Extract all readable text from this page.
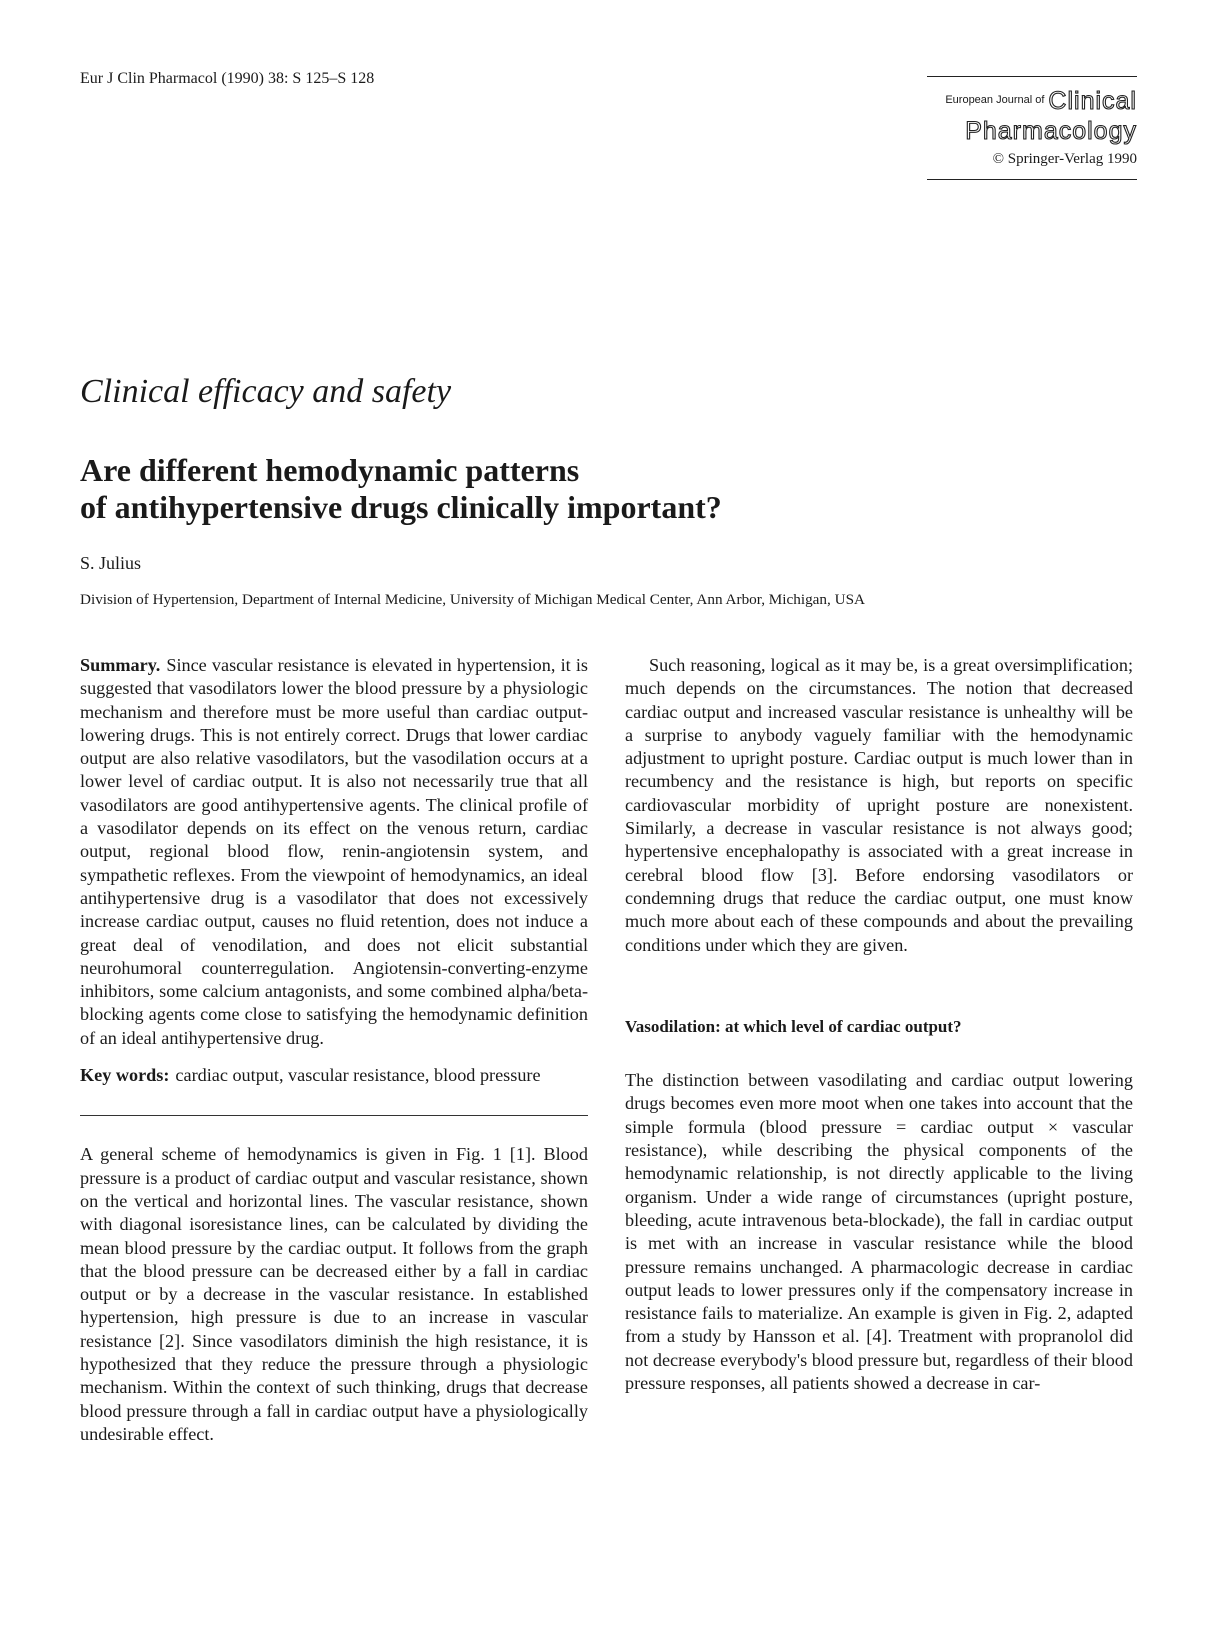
Eur J Clin Pharmacol (1990) 38: S 125–S 128
$^{European Journal of}$ Clinical
Pharmacology
© Springer-Verlag 1990
Clinical efficacy and safety
Are different hemodynamic patterns
of antihypertensive drugs clinically important?
S. Julius
Division of Hypertension, Department of Internal Medicine, University of Michigan Medical Center, Ann Arbor, Michigan, USA

Summary. Since vascular resistance is elevated in hypertension, it is suggested that vasodilators lower the blood pressure by a physiologic mechanism and therefore must be more useful than cardiac output-lowering drugs. This is not entirely correct. Drugs that lower cardiac output are also relative vasodilators, but the vasodilation occurs at a lower level of cardiac output. It is also not necessarily true that all vasodilators are good antihypertensive agents. The clinical profile of a vasodilator depends on its effect on the venous return, cardiac output, regional blood flow, renin-angiotensin system, and sympathetic reflexes. From the viewpoint of hemodynamics, an ideal antihypertensive drug is a vasodilator that does not excessively increase cardiac output, causes no fluid retention, does not induce a great deal of venodilation, and does not elicit substantial neurohumoral counterregulation. Angiotensin-converting-enzyme inhibitors, some calcium antagonists, and some combined alpha/beta-blocking agents come close to satisfying the hemodynamic definition of an ideal antihypertensive drug.

Key words: cardiac output, vascular resistance, blood pressure

A general scheme of hemodynamics is given in Fig. 1 [1]. Blood pressure is a product of cardiac output and vascular resistance, shown on the vertical and horizontal lines. The vascular resistance, shown with diagonal isoresistance lines, can be calculated by dividing the mean blood pressure by the cardiac output. It follows from the graph that the blood pressure can be decreased either by a fall in cardiac output or by a decrease in the vascular resistance. In established hypertension, high pressure is due to an increase in vascular resistance [2]. Since vasodilators diminish the high resistance, it is hypothesized that they reduce the pressure through a physiologic mechanism. Within the context of such thinking, drugs that decrease blood pressure through a fall in cardiac output have a physiologically undesirable effect.

Such reasoning, logical as it may be, is a great oversimplification; much depends on the circumstances. The notion that decreased cardiac output and increased vascular resistance is unhealthy will be a surprise to anybody vaguely familiar with the hemodynamic adjustment to upright posture. Cardiac output is much lower than in recumbency and the resistance is high, but reports on specific cardiovascular morbidity of upright posture are nonexistent. Similarly, a decrease in vascular resistance is not always good; hypertensive encephalopathy is associated with a great increase in cerebral blood flow [3]. Before endorsing vasodilators or condemning drugs that reduce the cardiac output, one must know much more about each of these compounds and about the prevailing conditions under which they are given.

Vasodilation: at which level of cardiac output?

The distinction between vasodilating and cardiac output lowering drugs becomes even more moot when one takes into account that the simple formula (blood pressure = cardiac output × vascular resistance), while describing the physical components of the hemodynamic relationship, is not directly applicable to the living organism. Under a wide range of circumstances (upright posture, bleeding, acute intravenous beta-blockade), the fall in cardiac output is met with an increase in vascular resistance while the blood pressure remains unchanged. A pharmacologic decrease in cardiac output leads to lower pressures only if the compensatory increase in resistance fails to materialize. An example is given in Fig. 2, adapted from a study by Hansson et al. [4]. Treatment with propranolol did not decrease everybody's blood pressure but, regardless of their blood pressure responses, all patients showed a decrease in car-
